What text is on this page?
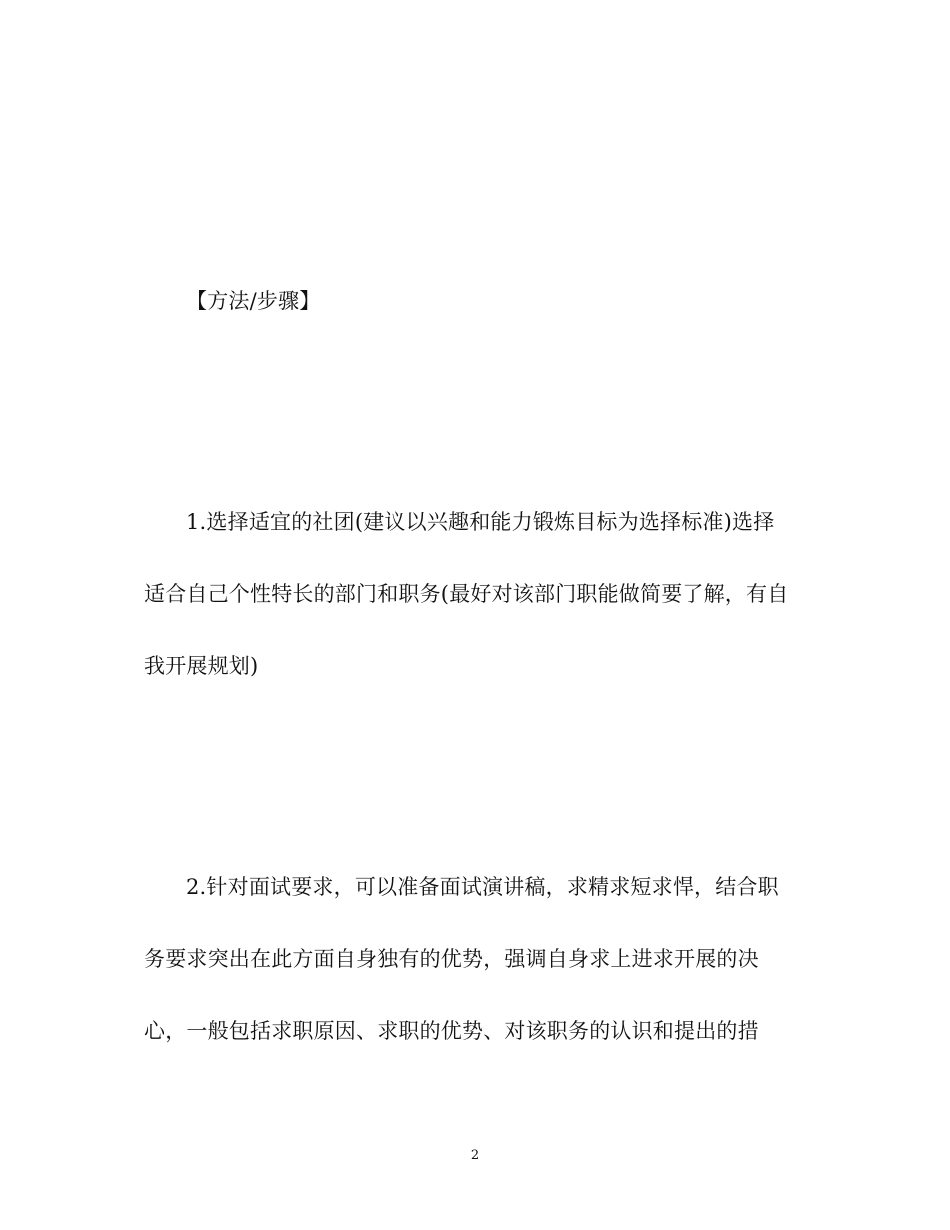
【方法/步骤】
1.选择适宜的社团(建议以兴趣和能力锻炼目标为选择标准)选择
适合自己个性特长的部门和职务(最好对该部门职能做简要了解，有自
我开展规划)
2.针对面试要求，可以准备面试演讲稿，求精求短求悍，结合职
务要求突出在此方面自身独有的优势，强调自身求上进求开展的决
心，一般包括求职原因、求职的优势、对该职务的认识和提出的措
2
